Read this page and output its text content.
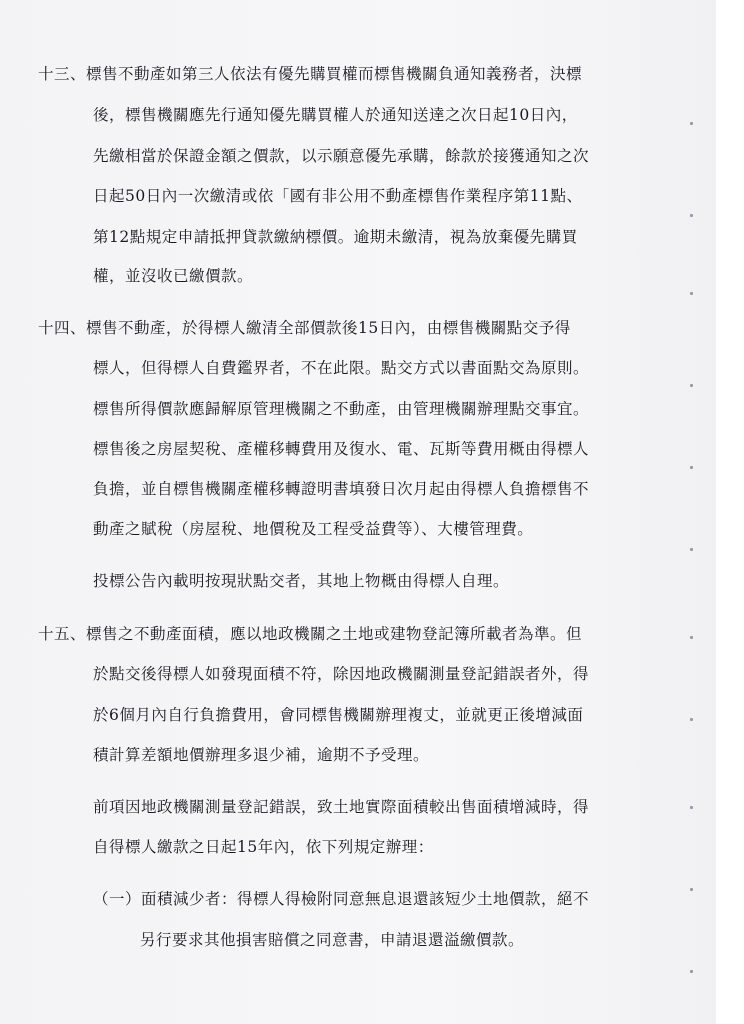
十三、標售不動產如第三人依法有優先購買權而標售機關負通知義務者，決標
後，標售機關應先行通知優先購買權人於通知送達之次日起10日內，
先繳相當於保證金額之價款，以示願意優先承購，餘款於接獲通知之次
日起50日內一次繳清或依「國有非公用不動產標售作業程序第11點、
第12點規定申請抵押貸款繳納標價。逾期未繳清，視為放棄優先購買
權，並沒收已繳價款。
十四、標售不動產，於得標人繳清全部價款後15日內，由標售機關點交予得
標人，但得標人自費鑑界者，不在此限。點交方式以書面點交為原則。
標售所得價款應歸解原管理機關之不動產，由管理機關辦理點交事宜。
標售後之房屋契稅、產權移轉費用及復水、電、瓦斯等費用概由得標人
負擔，並自標售機關產權移轉證明書填發日次月起由得標人負擔標售不
動產之賦稅（房屋稅、地價稅及工程受益費等）、大樓管理費。
投標公告內載明按現狀點交者，其地上物概由得標人自理。
十五、標售之不動產面積，應以地政機關之土地或建物登記簿所載者為準。但
於點交後得標人如發現面積不符，除因地政機關測量登記錯誤者外，得
於6個月內自行負擔費用，會同標售機關辦理複丈，並就更正後增減面
積計算差額地價辦理多退少補，逾期不予受理。
前項因地政機關測量登記錯誤，致土地實際面積較出售面積增減時，得
自得標人繳款之日起15年內，依下列規定辦理：
（一）面積減少者：得標人得檢附同意無息退還該短少土地價款，絕不
另行要求其他損害賠償之同意書，申請退還溢繳價款。
